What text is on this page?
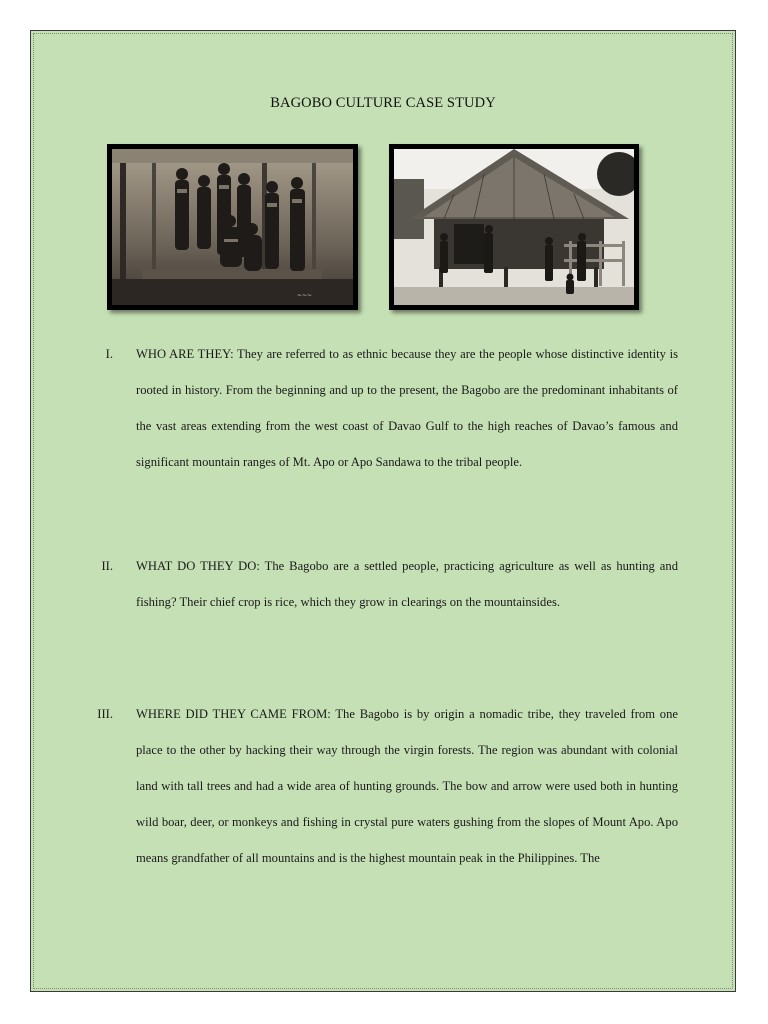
BAGOBO CULTURE CASE STUDY
~~~
I. WHO ARE THEY: They are referred to as ethnic because they are the people whose distinctive identity is rooted in history. From the beginning and up to the present, the Bagobo are the predominant inhabitants of the vast areas extending from the west coast of Davao Gulf to the high reaches of Davao’s famous and significant mountain ranges of Mt. Apo or Apo Sandawa to the tribal people.
II. WHAT DO THEY DO: The Bagobo are a settled people, practicing agriculture as well as hunting and fishing? Their chief crop is rice, which they grow in clearings on the mountainsides.
III. WHERE DID THEY CAME FROM: The Bagobo is by origin a nomadic tribe, they traveled from one place to the other by hacking their way through the virgin forests. The region was abundant with colonial land with tall trees and had a wide area of hunting grounds. The bow and arrow were used both in hunting wild boar, deer, or monkeys and fishing in crystal pure waters gushing from the slopes of Mount Apo. Apo means grandfather of all mountains and is the highest mountain peak in the Philippines. The
